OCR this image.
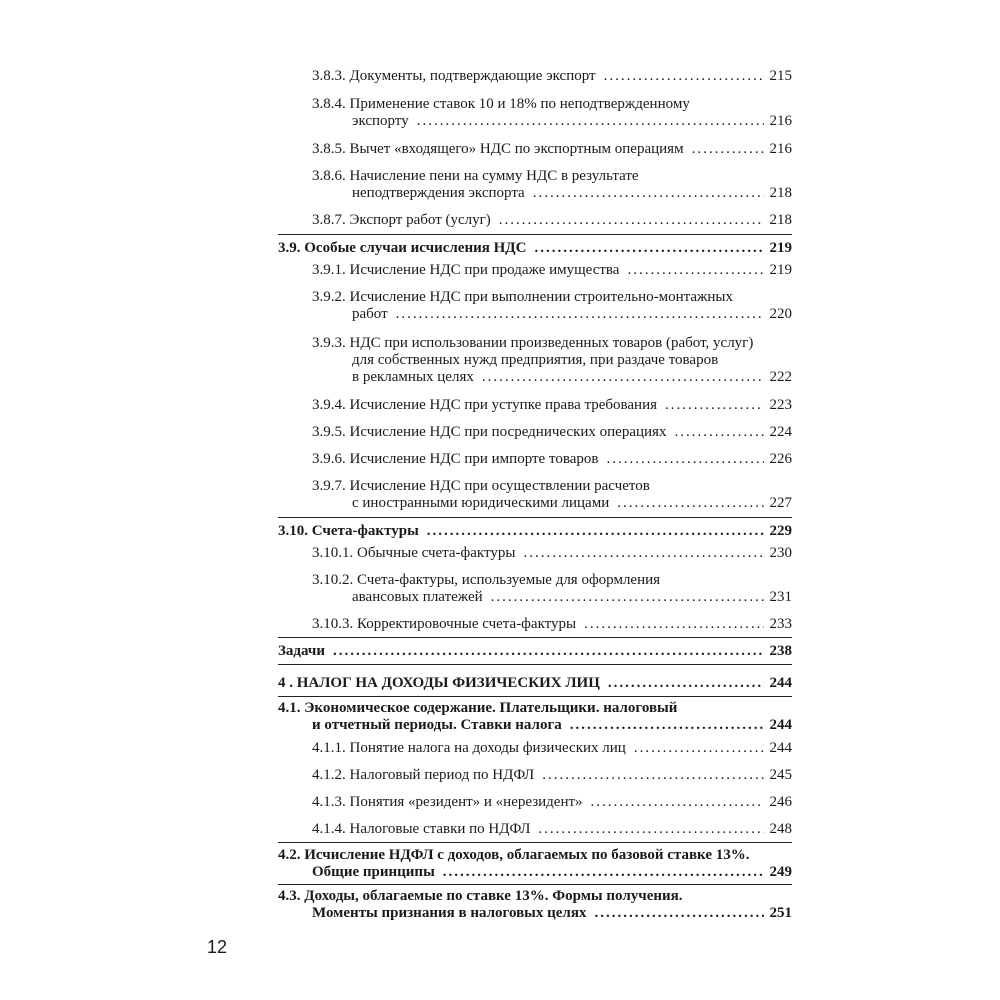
3.8.3. Документы, подтверждающие экспорт .....	215
3.8.4. Применение ставок 10 и 18% по неподтвержденному
экспорту .....	216
3.8.5. Вычет «входящего» НДС по экспортным операциям .....	216
3.8.6. Начисление пени на сумму НДС в результате
неподтверждения экспорта .....	218
3.8.7. Экспорт работ (услуг) .....	218
3.9. Особые случаи исчисления НДС .....	219
3.9.1. Исчисление НДС при продаже имущества .....	219
3.9.2. Исчисление НДС при выполнении строительно-монтажных
работ .....	220
3.9.3. НДС при использовании произведенных товаров (работ, услуг)
для собственных нужд предприятия, при раздаче товаров
в рекламных целях .....	222
3.9.4. Исчисление НДС при уступке права требования .....	223
3.9.5. Исчисление НДС при посреднических операциях .....	224
3.9.6. Исчисление НДС при импорте товаров .....	226
3.9.7. Исчисление НДС при осуществлении расчетов
с иностранными юридическими лицами .....	227
3.10. Счета-фактуры .....	229
3.10.1. Обычные счета-фактуры .....	230
3.10.2. Счета-фактуры, используемые для оформления
авансовых платежей .....	231
3.10.3. Корректировочные счета-фактуры .....	233
Задачи .....	238
4 . НАЛОГ НА ДОХОДЫ ФИЗИЧЕСКИХ ЛИЦ .....	244
4.1. Экономическое содержание. Плательщики. налоговый
и отчетный периоды. Ставки налога .....	244
4.1.1. Понятие налога на доходы физических лиц .....	244
4.1.2. Налоговый период по НДФЛ .....	245
4.1.3. Понятия «резидент» и «нерезидент» .....	246
4.1.4. Налоговые ставки по НДФЛ .....	248
4.2. Исчисление НДФЛ с доходов, облагаемых по базовой ставке 13%.
Общие принципы .....	249
4.3. Доходы, облагаемые по ставке 13%. Формы получения.
Моменты признания в налоговых целях .....	251
12
